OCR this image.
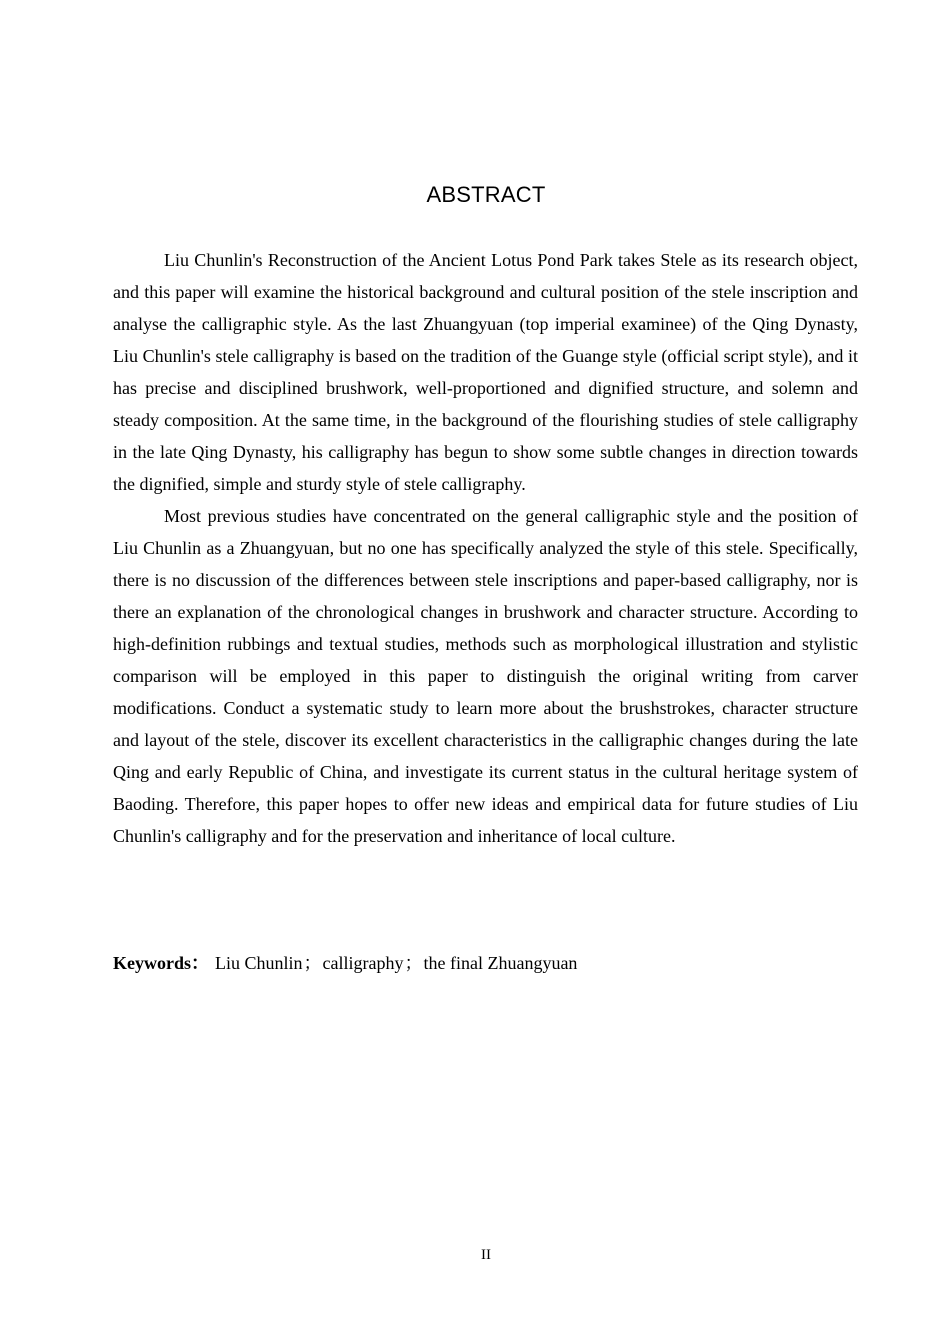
ABSTRACT

Liu Chunlin's Reconstruction of the Ancient Lotus Pond Park takes Stele as its research object, and this paper will examine the historical background and cultural position of the stele inscription and analyse the calligraphic style. As the last Zhuangyuan (top imperial examinee) of the Qing Dynasty, Liu Chunlin's stele calligraphy is based on the tradition of the Guange style (official script style), and it has precise and disciplined brushwork, well-proportioned and dignified structure, and solemn and steady composition. At the same time, in the background of the flourishing studies of stele calligraphy in the late Qing Dynasty, his calligraphy has begun to show some subtle changes in direction towards the dignified, simple and sturdy style of stele calligraphy.

Most previous studies have concentrated on the general calligraphic style and the position of Liu Chunlin as a Zhuangyuan, but no one has specifically analyzed the style of this stele. Specifically, there is no discussion of the differences between stele inscriptions and paper-based calligraphy, nor is there an explanation of the chronological changes in brushwork and character structure. According to high-definition rubbings and textual studies, methods such as morphological illustration and stylistic comparison will be employed in this paper to distinguish the original writing from carver modifications. Conduct a systematic study to learn more about the brushstrokes, character structure and layout of the stele, discover its excellent characteristics in the calligraphic changes during the late Qing and early Republic of China, and investigate its current status in the cultural heritage system of Baoding. Therefore, this paper hopes to offer new ideas and empirical data for future studies of Liu Chunlin's calligraphy and for the preservation and inheritance of local culture.

Keywords： Liu Chunlin；calligraphy；the final Zhuangyuan
II
